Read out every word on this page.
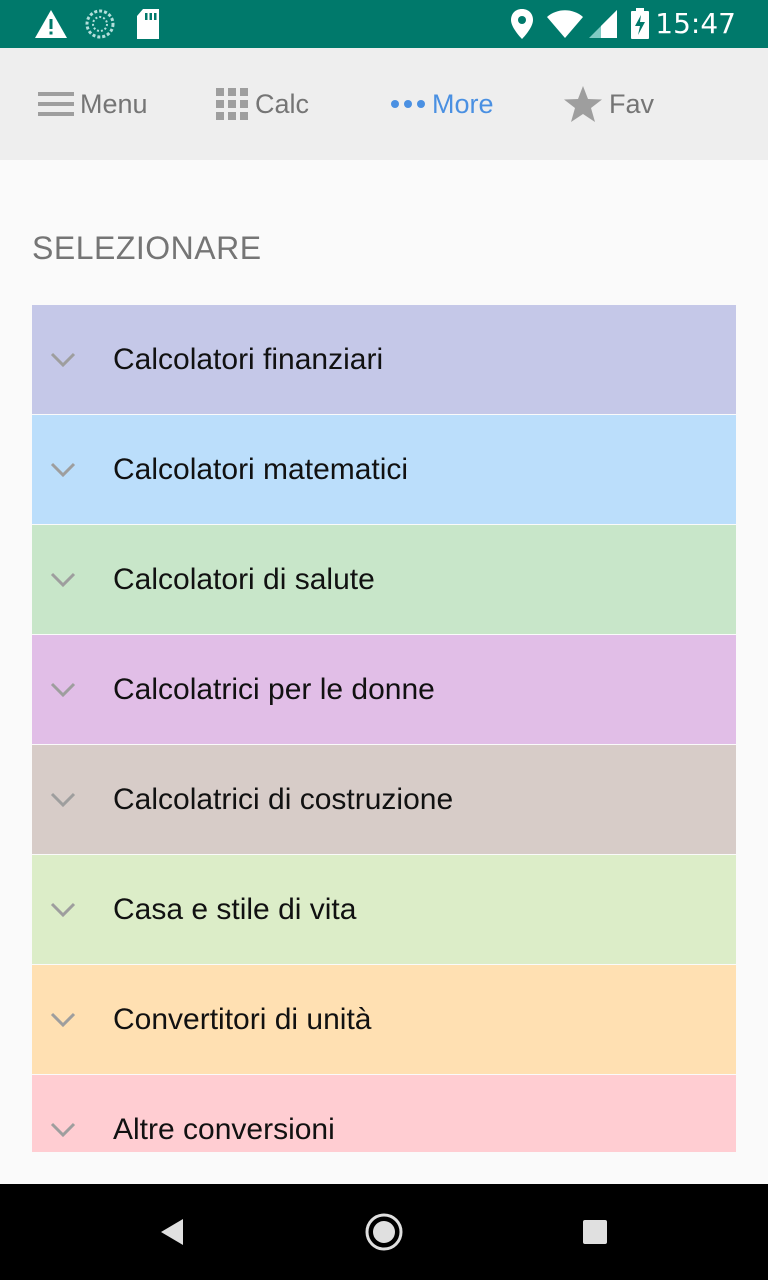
15:47
Menu	Calc	More	Fav
SELEZIONARE
Calcolatori finanziari
Calcolatori matematici
Calcolatori di salute
Calcolatrici per le donne
Calcolatrici di costruzione
Casa e stile di vita
Convertitori di unità
Altre conversioni
